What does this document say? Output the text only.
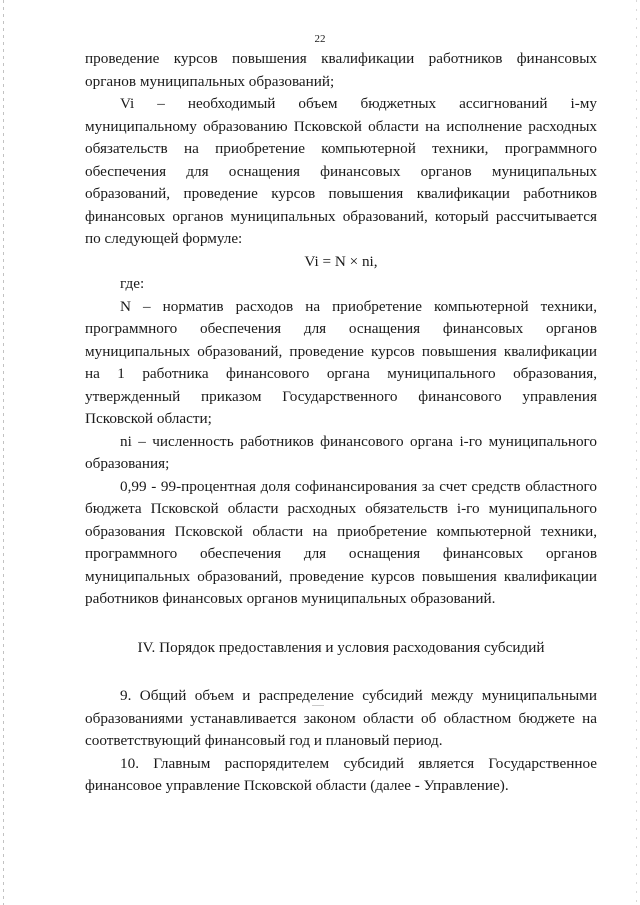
22

проведение курсов повышения квалификации работников финансовых органов муниципальных образований;

Vi – необходимый объем бюджетных ассигнований i-му муниципальному образованию Псковской области на исполнение расходных обязательств на приобретение компьютерной техники, программного обеспечения для оснащения финансовых органов муниципальных образований, проведение курсов повышения квалификации работников финансовых органов муниципальных образований, который рассчитывается по следующей формуле:

Vi = N × ni,

где:

N – норматив расходов на приобретение компьютерной техники, программного обеспечения для оснащения финансовых органов муниципальных образований, проведение курсов повышения квалификации на 1 работника финансового органа муниципального образования, утвержденный приказом Государственного финансового управления Псковской области;

ni – численность работников финансового органа i-го муниципального образования;

0,99 - 99-процентная доля софинансирования за счет средств областного бюджета Псковской области расходных обязательств i-го муниципального образования Псковской области на приобретение компьютерной техники, программного обеспечения для оснащения финансовых органов муниципальных образований, проведение курсов повышения квалификации работников финансовых органов муниципальных образований.

IV. Порядок предоставления и условия расходования субсидий

9. Общий объем и распределение субсидий между муниципальными образованиями устанавливается законом области об областном бюджете на соответствующий финансовый год и плановый период.

10. Главным распорядителем субсидий является Государственное финансовое управление Псковской области (далее - Управление).
